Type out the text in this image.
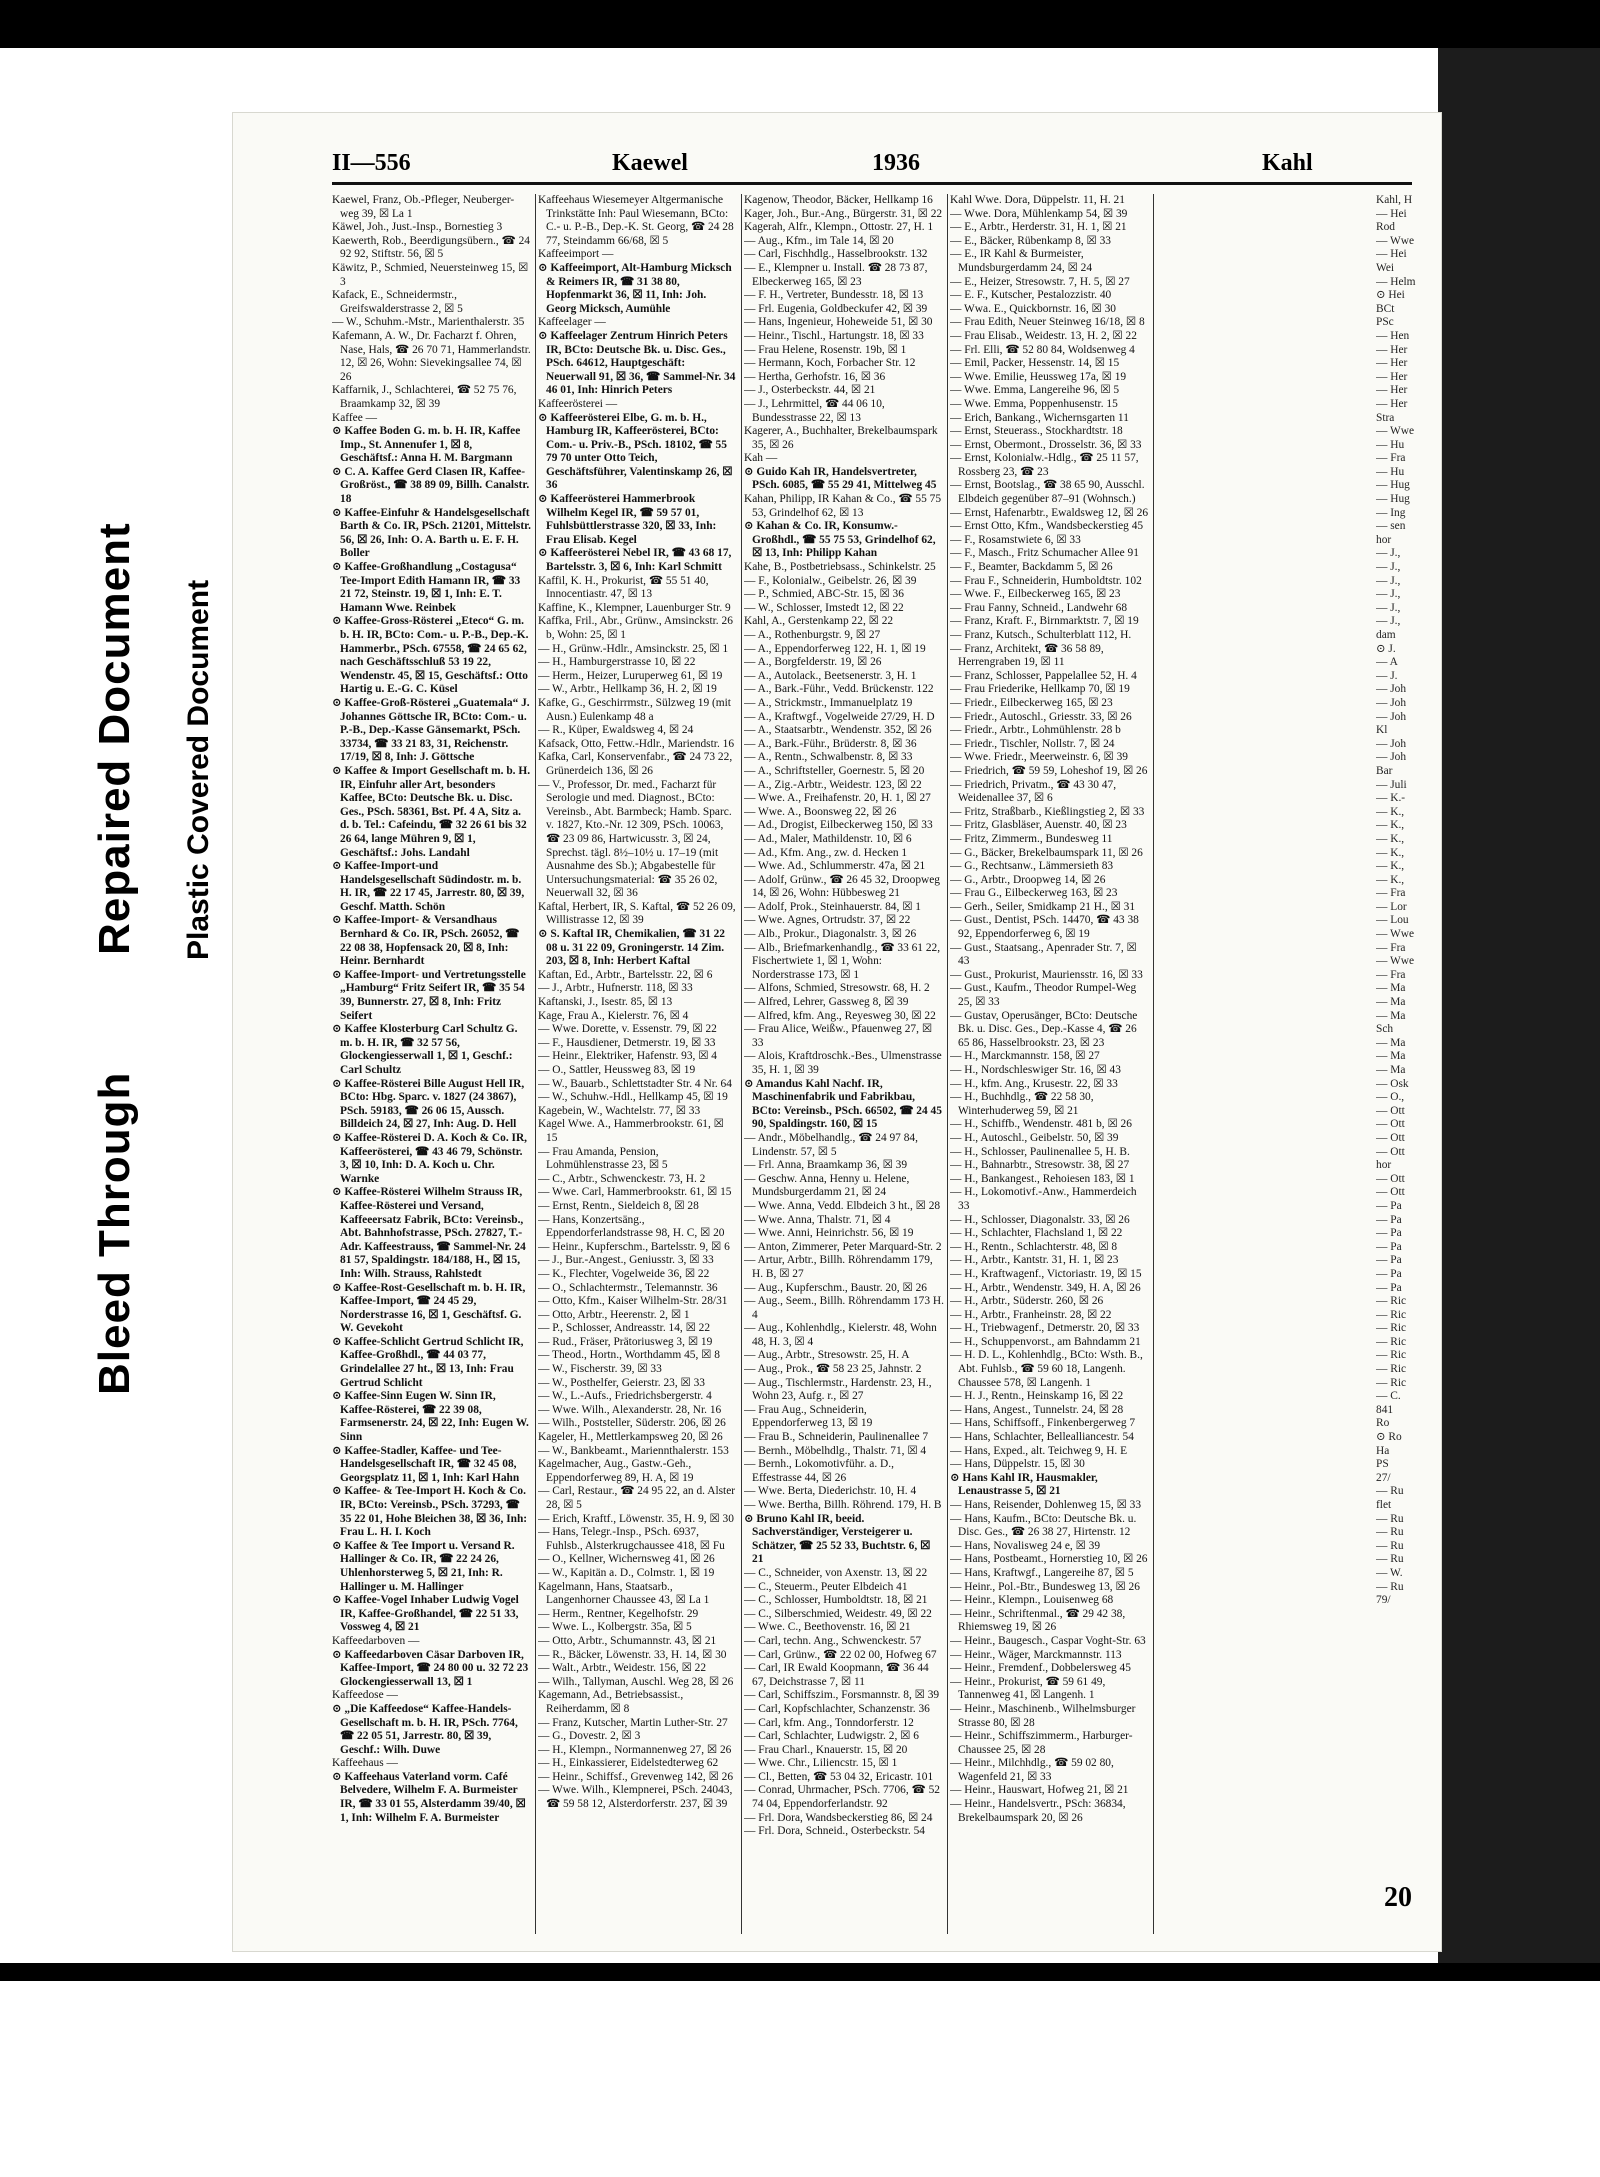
Bleed Through
Repaired Document Plastic Covered Document
II—556	Kaewel	1936	Kahl

Kaewel, Franz, Ob.-Pfleger, Neuberger-weg 39, ☒ La 1

Käwel, Joh., Just.-Insp., Bornestieg 3

Kaewerth, Rob., Beerdigungsübern., ☎ 24 92 92, Stiftstr. 56, ☒ 5

Käwitz, P., Schmied, Neuersteinweg 15, ☒ 3

Kafack, E., Schneidermstr., Greifswalderstrasse 2, ☒ 5

— W., Schuhm.-Mstr., Marienthalerstr. 35

Kafemann, A. W., Dr. Facharzt f. Ohren, Nase, Hals, ☎ 26 70 71, Hammerlandstr. 12, ☒ 26, Wohn: Sievekingsallee 74, ☒ 26

Kaffarnik, J., Schlachterei, ☎ 52 75 76, Braamkamp 32, ☒ 39

Kaffee —

⊙ Kaffee Boden G. m. b. H. IR, Kaffee Imp., St. Annenufer 1, ☒ 8, Geschäftsf.: Anna H. M. Bargmann

⊙ C. A. Kaffee Gerd Clasen IR, Kaffee-Großröst., ☎ 38 89 09, Billh. Canalstr. 18

⊙ Kaffee-Einfuhr & Handelsgesellschaft Barth & Co. IR, PSch. 21201, Mittelstr. 56, ☒ 26, Inh: O. A. Barth u. E. F. H. Boller

⊙ Kaffee-Großhandlung „Costagusa“ Tee-Import Edith Hamann IR, ☎ 33 21 72, Steinstr. 19, ☒ 1, Inh: E. T. Hamann Wwe. Reinbek

⊙ Kaffee-Gross-Rösterei „Eteco“ G. m. b. H. IR, BCto: Com.- u. P.-B., Dep.-K. Hammerbr., PSch. 67558, ☎ 24 65 62, nach Geschäftsschluß 53 19 22, Wendenstr. 45, ☒ 15, Geschäftsf.: Otto Hartig u. E.-G. C. Küsel

⊙ Kaffee-Groß-Rösterei „Guatemala“ J. Johannes Göttsche IR, BCto: Com.- u. P.-B., Dep.-Kasse Gänsemarkt, PSch. 33734, ☎ 33 21 83, 31, Reichenstr. 17/19, ☒ 8, Inh: J. Göttsche

⊙ Kaffee & Import Gesellschaft m. b. H. IR, Einfuhr aller Art, besonders Kaffee, BCto: Deutsche Bk. u. Disc. Ges., PSch. 58361, Bst. Pf. 4 A, Sitz a. d. b. Tel.: Cafeindu, ☎ 32 26 61 bis 32 26 64, lange Mühren 9, ☒ 1, Geschäftsf.: Johs. Landahl

⊙ Kaffee-Import-und Handelsgesellschaft Südindostr. m. b. H. IR, ☎ 22 17 45, Jarrestr. 80, ☒ 39, Geschf. Matth. Schön

⊙ Kaffee-Import- & Versandhaus Bernhard & Co. IR, PSch. 26052, ☎ 22 08 38, Hopfensack 20, ☒ 8, Inh: Heinr. Bernhardt

⊙ Kaffee-Import- und Vertretungsstelle „Hamburg“ Fritz Seifert IR, ☎ 35 54 39, Bunnerstr. 27, ☒ 8, Inh: Fritz Seifert

⊙ Kaffee Klosterburg Carl Schultz G. m. b. H. IR, ☎ 32 57 56, Glockengiesserwall 1, ☒ 1, Geschf.: Carl Schultz

⊙ Kaffee-Rösterei Bille August Hell IR, BCto: Hbg. Sparc. v. 1827 (24 3867), PSch. 59183, ☎ 26 06 15, Aussch. Billdeich 24, ☒ 27, Inh: Aug. D. Hell

⊙ Kaffee-Rösterei D. A. Koch & Co. IR, Kaffeerösterei, ☎ 43 46 79, Schönstr. 3, ☒ 10, Inh: D. A. Koch u. Chr. Warnke

⊙ Kaffee-Rösterei Wilhelm Strauss IR, Kaffee-Rösterei und Versand, Kaffeeersatz Fabrik, BCto: Vereinsb., Abt. Bahnhofstrasse, PSch. 27827, T.-Adr. Kaffeestrauss, ☎ Sammel-Nr. 24 81 57, Spaldingstr. 184/188, H., ☒ 15, Inh: Wilh. Strauss, Rahlstedt

⊙ Kaffee-Rost-Gesellschaft m. b. H. IR, Kaffee-Import, ☎ 24 45 29, Norderstrasse 16, ☒ 1, Geschäftsf. G. W. Gevekoht

⊙ Kaffee-Schlicht Gertrud Schlicht IR, Kaffee-Großhdl., ☎ 44 03 77, Grindelallee 27 ht., ☒ 13, Inh: Frau Gertrud Schlicht

⊙ Kaffee-Sinn Eugen W. Sinn IR, Kaffee-Rösterei, ☎ 22 39 08, Farmsenerstr. 24, ☒ 22, Inh: Eugen W. Sinn

⊙ Kaffee-Stadler, Kaffee- und Tee-Handelsgesellschaft IR, ☎ 32 45 08, Georgsplatz 11, ☒ 1, Inh: Karl Hahn

⊙ Kaffee- & Tee-Import H. Koch & Co. IR, BCto: Vereinsb., PSch. 37293, ☎ 35 22 01, Hohe Bleichen 38, ☒ 36, Inh: Frau L. H. I. Koch

⊙ Kaffee & Tee Import u. Versand R. Hallinger & Co. IR, ☎ 22 24 26, Uhlenhorsterweg 5, ☒ 21, Inh: R. Hallinger u. M. Hallinger

⊙ Kaffee-Vogel Inhaber Ludwig Vogel IR, Kaffee-Großhandel, ☎ 22 51 33, Vossweg 4, ☒ 21

Kaffeedarboven —

⊙ Kaffeedarboven Cäsar Darboven IR, Kaffee-Import, ☎ 24 80 00 u. 32 72 23 Glockengiesserwall 13, ☒ 1

Kaffeedose —

⊙ „Die Kaffeedose“ Kaffee-Handels-Gesellschaft m. b. H. IR, PSch. 7764, ☎ 22 05 51, Jarrestr. 80, ☒ 39, Geschf.: Wilh. Duwe

Kaffeehaus —

⊙ Kaffeehaus Vaterland vorm. Café Belvedere, Wilhelm F. A. Burmeister IR, ☎ 33 01 55, Alsterdamm 39/40, ☒ 1, Inh: Wilhelm F. A. Burmeister

Kaffeehaus Wiesemeyer Altgermanische Trinkstätte Inh: Paul Wiesemann, BCto: C.- u. P.-B., Dep.-K. St. Georg, ☎ 24 28 77, Steindamm 66/68, ☒ 5

Kaffeeimport —

⊙ Kaffeeimport, Alt-Hamburg Micksch & Reimers IR, ☎ 31 38 80, Hopfenmarkt 36, ☒ 11, Inh: Joh. Georg Micksch, Aumühle

Kaffeelager —

⊙ Kaffeelager Zentrum Hinrich Peters IR, BCto: Deutsche Bk. u. Disc. Ges., PSch. 64612, Hauptgeschäft: Neuerwall 91, ☒ 36, ☎ Sammel-Nr. 34 46 01, Inh: Hinrich Peters

Kaffeerösterei —

⊙ Kaffeerösterei Elbe, G. m. b. H., Hamburg IR, Kaffeerösterei, BCto: Com.- u. Priv.-B., PSch. 18102, ☎ 55 79 70 unter Otto Teich, Geschäftsführer, Valentinskamp 26, ☒ 36

⊙ Kaffeerösterei Hammerbrook Wilhelm Kegel IR, ☎ 59 57 01, Fuhlsbüttlerstrasse 320, ☒ 33, Inh: Frau Elisab. Kegel

⊙ Kaffeerösterei Nebel IR, ☎ 43 68 17, Bartelsstr. 3, ☒ 6, Inh: Karl Schmitt

Kaffil, K. H., Prokurist, ☎ 55 51 40, Innocentiastr. 47, ☒ 13

Kaffine, K., Klempner, Lauenburger Str. 9

Kaffka, Fril., Abr., Grünw., Amsinckstr. 26 b, Wohn: 25, ☒ 1

— H., Grünw.-Hdlr., Amsinckstr. 25, ☒ 1

— H., Hamburgerstrasse 10, ☒ 22

— Herm., Heizer, Luruperweg 61, ☒ 19

— W., Arbtr., Hellkamp 36, H. 2, ☒ 19

Kafke, G., Geschirrmstr., Sülzweg 19 (mit Ausn.) Eulenkamp 48 a

— R., Küper, Ewaldsweg 4, ☒ 24

Kafsack, Otto, Fettw.-Hdlr., Mariendstr. 16

Kafka, Carl, Konservenfabr., ☎ 24 73 22, Grünerdeich 136, ☒ 26

— V., Professor, Dr. med., Facharzt für Serologie und med. Diagnost., BCto: Vereinsb., Abt. Barmbeck; Hamb. Sparc. v. 1827, Kto.-Nr. 12 309, PSch. 10063, ☎ 23 09 86, Hartwicusstr. 3, ☒ 24, Sprechst. tägl. 8½–10½ u. 17–19 (mit Ausnahme des Sb.); Abgabestelle für Untersuchungsmaterial: ☎ 35 26 02, Neuerwall 32, ☒ 36

Kaftal, Herbert, IR, S. Kaftal, ☎ 52 26 09, Willistrasse 12, ☒ 39

⊙ S. Kaftal IR, Chemikalien, ☎ 31 22 08 u. 31 22 09, Groningerstr. 14 Zim. 203, ☒ 8, Inh: Herbert Kaftal

Kaftan, Ed., Arbtr., Bartelsstr. 22, ☒ 6

— J., Arbtr., Hufnerstr. 118, ☒ 33

Kaftanski, J., Isestr. 85, ☒ 13

Kage, Frau A., Kielerstr. 76, ☒ 4

— Wwe. Dorette, v. Essenstr. 79, ☒ 22

— F., Hausdiener, Detmerstr. 19, ☒ 33

— Heinr., Elektriker, Hafenstr. 93, ☒ 4

— O., Sattler, Heussweg 83, ☒ 19

— W., Bauarb., Schlettstadter Str. 4 Nr. 64

— W., Schuhw.-Hdl., Hellkamp 45, ☒ 19

Kagebein, W., Wachtelstr. 77, ☒ 33

Kagel Wwe. A., Hammerbrookstr. 61, ☒ 15

— Frau Amanda, Pension, Lohmühlenstrasse 23, ☒ 5

— C., Arbtr., Schwenckestr. 73, H. 2

— Wwe. Carl, Hammerbrookstr. 61, ☒ 15

— Ernst, Rentn., Sieldeich 8, ☒ 28

— Hans, Konzertsäng., Eppendorferlandstrasse 98, H. C, ☒ 20

— Heinr., Kupferschm., Bartelsstr. 9, ☒ 6

— J., Bur.-Angest., Geniusstr. 3, ☒ 33

— K., Flechter, Vogelweide 36, ☒ 22

— O., Schlachtermstr., Telemannstr. 36

— Otto, Kfm., Kaiser Wilhelm-Str. 28/31

— Otto, Arbtr., Heerenstr. 2, ☒ 1

— P., Schlosser, Andreasstr. 14, ☒ 22

— Rud., Fräser, Prätoriusweg 3, ☒ 19

— Theod., Hortn., Worthdamm 45, ☒ 8

— W., Fischerstr. 39, ☒ 33

— W., Posthelfer, Geierstr. 23, ☒ 33

— W., L.-Aufs., Friedrichsbergerstr. 4

— Wwe. Wilh., Alexanderstr. 28, Nr. 16

— Wilh., Poststeller, Süderstr. 206, ☒ 26

Kageler, H., Mettlerkampsweg 20, ☒ 26

— W., Bankbeamt., Mariennthalerstr. 153

Kagelmacher, Aug., Gastw.-Geh., Eppendorferweg 89, H. A, ☒ 19

— Carl, Restaur., ☎ 24 95 22, an d. Alster 28, ☒ 5

— Erich, Kraftf., Löwenstr. 35, H. 9, ☒ 30

— Hans, Telegr.-Insp., PSch. 6937, Fuhlsb., Alsterkrugchaussee 418, ☒ Fu

— O., Kellner, Wichernsweg 41, ☒ 26

— W., Kapitän a. D., Colmstr. 1, ☒ 19

Kagelmann, Hans, Staatsarb., Langenhorner Chaussee 43, ☒ La 1

— Herm., Rentner, Kegelhofstr. 29

— Wwe. L., Kolbergstr. 35a, ☒ 5

— Otto, Arbtr., Schumannstr. 43, ☒ 21

— R., Bäcker, Löwenstr. 33, H. 14, ☒ 30

— Walt., Arbtr., Weidestr. 156, ☒ 22

— Wilh., Tallyman, Auschl. Weg 28, ☒ 26

Kagemann, Ad., Betriebsassist., Reiherdamm, ☒ 8

— Franz, Kutscher, Martin Luther-Str. 27

— G., Dovestr. 2, ☒ 3

— H., Klempn., Normannenweg 27, ☒ 26

— H., Einkassierer, Eidelstedterweg 62

— Heinr., Schiffsf., Grevenweg 142, ☒ 26

— Wwe. Wilh., Klempnerei, PSch. 24043, ☎ 59 58 12, Alsterdorferstr. 237, ☒ 39

Kagenow, Theodor, Bäcker, Hellkamp 16

Kager, Joh., Bur.-Ang., Bürgerstr. 31, ☒ 22

Kagerah, Alfr., Klempn., Ottostr. 27, H. 1

— Aug., Kfm., im Tale 14, ☒ 20

— Carl, Fischhdlg., Hasselbrookstr. 132

— E., Klempner u. Install. ☎ 28 73 87, Elbeckerweg 165, ☒ 23

— F. H., Vertreter, Bundesstr. 18, ☒ 13

— Frl. Eugenia, Goldbeckufer 42, ☒ 39

— Hans, Ingenieur, Hoheweide 51, ☒ 30

— Heinr., Tischl., Hartungstr. 18, ☒ 33

— Frau Helene, Rosenstr. 19b, ☒ 1

— Hermann, Koch, Forbacher Str. 12

— Hertha, Gerhofstr. 16, ☒ 36

— J., Osterbeckstr. 44, ☒ 21

— J., Lehrmittel, ☎ 44 06 10, Bundesstrasse 22, ☒ 13

Kagerer, A., Buchhalter, Brekelbaumspark 35, ☒ 26

Kah —

⊙ Guido Kah IR, Handelsvertreter, PSch. 6085, ☎ 55 29 41, Mittelweg 45

Kahan, Philipp, IR Kahan & Co., ☎ 55 75 53, Grindelhof 62, ☒ 13

⊙ Kahan & Co. IR, Konsumw.-Großhdl., ☎ 55 75 53, Grindelhof 62, ☒ 13, Inh: Philipp Kahan

Kahe, B., Postbetriebsass., Schinkelstr. 25

— F., Kolonialw., Geibelstr. 26, ☒ 39

— P., Schmied, ABC-Str. 15, ☒ 36

— W., Schlosser, Imstedt 12, ☒ 22

Kahl, A., Gerstenkamp 22, ☒ 22

— A., Rothenburgstr. 9, ☒ 27

— A., Eppendorferweg 122, H. 1, ☒ 19

— A., Borgfelderstr. 19, ☒ 26

— A., Autolack., Beetsenerstr. 3, H. 1

— A., Bark.-Führ., Vedd. Brückenstr. 122

— A., Strickmstr., Immanuelplatz 19

— A., Kraftwgf., Vogelweide 27/29, H. D

— A., Staatsarbtr., Wendenstr. 352, ☒ 26

— A., Bark.-Führ., Brüderstr. 8, ☒ 36

— A., Rentn., Schwalbenstr. 8, ☒ 33

— A., Schriftsteller, Goernestr. 5, ☒ 20

— A., Zig.-Arbtr., Weidestr. 123, ☒ 22

— Wwe. A., Freihafenstr. 20, H. 1, ☒ 27

— Wwe. A., Boonsweg 22, ☒ 26

— Ad., Drogist, Eilbeckerweg 150, ☒ 33

— Ad., Maler, Mathildenstr. 10, ☒ 6

— Ad., Kfm. Ang., zw. d. Hecken 1

— Wwe. Ad., Schlummerstr. 47a, ☒ 21

— Adolf, Grünw., ☎ 26 45 32, Droopweg 14, ☒ 26, Wohn: Hübbesweg 21

— Adolf, Prok., Steinhauerstr. 84, ☒ 1

— Wwe. Agnes, Ortrudstr. 37, ☒ 22

— Alb., Prokur., Diagonalstr. 3, ☒ 26

— Alb., Briefmarkenhandlg., ☎ 33 61 22, Fischertwiete 1, ☒ 1, Wohn: Norderstrasse 173, ☒ 1

— Alfons, Schmied, Stresowstr. 68, H. 2

— Alfred, Lehrer, Gassweg 8, ☒ 39

— Alfred, kfm. Ang., Reyesweg 30, ☒ 22

— Frau Alice, Weißw., Pfauenweg 27, ☒ 33

— Alois, Kraftdroschk.-Bes., Ulmenstrasse 35, H. 1, ☒ 39

⊙ Amandus Kahl Nachf. IR, Maschinenfabrik und Fabrikbau, BCto: Vereinsb., PSch. 66502, ☎ 24 45 90, Spaldingstr. 160, ☒ 15

— Andr., Möbelhandlg., ☎ 24 97 84, Lindenstr. 57, ☒ 5

— Frl. Anna, Braamkamp 36, ☒ 39

— Geschw. Anna, Henny u. Helene, Mundsburgerdamm 21, ☒ 24

— Wwe. Anna, Vedd. Elbdeich 3 ht., ☒ 28

— Wwe. Anna, Thalstr. 71, ☒ 4

— Wwe. Anni, Heinrichstr. 56, ☒ 19

— Anton, Zimmerer, Peter Marquard-Str. 2

— Artur, Arbtr., Billh. Röhrendamm 179, H. B, ☒ 27

— Aug., Kupferschm., Baustr. 20, ☒ 26

— Aug., Seem., Billh. Röhrendamm 173 H. 4

— Aug., Kohlenhdlg., Kielerstr. 48, Wohn 48, H. 3, ☒ 4

— Aug., Arbtr., Stresowstr. 25, H. A

— Aug., Prok., ☎ 58 23 25, Jahnstr. 2

— Aug., Tischlermstr., Hardenstr. 23, H., Wohn 23, Aufg. r., ☒ 27

— Frau Aug., Schneiderin, Eppendorferweg 13, ☒ 19

— Frau B., Schneiderin, Paulinenallee 7

— Bernh., Möbelhdlg., Thalstr. 71, ☒ 4

— Bernh., Lokomotivführ. a. D., Effestrasse 44, ☒ 26

— Wwe. Berta, Diederichstr. 10, H. 4

— Wwe. Bertha, Billh. Röhrend. 179, H. B

⊙ Bruno Kahl IR, beeid. Sachverständiger, Versteigerer u. Schätzer, ☎ 25 52 33, Buchtstr. 6, ☒ 21

— C., Schneider, von Axenstr. 13, ☒ 22

— C., Steuerm., Peuter Elbdeich 41

— C., Schlosser, Humboldtstr. 18, ☒ 21

— C., Silberschmied, Weidestr. 49, ☒ 22

— Wwe. C., Beethovenstr. 16, ☒ 21

— Carl, techn. Ang., Schwenckestr. 57

— Carl, Grünw., ☎ 22 02 00, Hofweg 67

— Carl, IR Ewald Koopmann, ☎ 36 44 67, Deichstrasse 7, ☒ 11

— Carl, Schiffszim., Forsmannstr. 8, ☒ 39

— Carl, Kopfschlachter, Schanzenstr. 36

— Carl, kfm. Ang., Tonndorferstr. 12

— Carl, Schlachter, Ludwigstr. 2, ☒ 6

— Frau Charl., Knauerstr. 15, ☒ 20

— Wwe. Chr., Liliencstr. 15, ☒ 1

— Cl., Betten, ☎ 53 04 32, Ericastr. 101

— Conrad, Uhrmacher, PSch. 7706, ☎ 52 74 04, Eppendorferlandstr. 92

— Frl. Dora, Wandsbeckerstieg 86, ☒ 24

— Frl. Dora, Schneid., Osterbeckstr. 54

Kahl Wwe. Dora, Düppelstr. 11, H. 21

— Wwe. Dora, Mühlenkamp 54, ☒ 39

— E., Arbtr., Herderstr. 31, H. 1, ☒ 21

— E., Bäcker, Rübenkamp 8, ☒ 33

— E., IR Kahl & Burmeister, Mundsburgerdamm 24, ☒ 24

— E., Heizer, Stresowstr. 7, H. 5, ☒ 27

— E. F., Kutscher, Pestalozzistr. 40

— Wwa. E., Quickbornstr. 16, ☒ 30

— Frau Edith, Neuer Steinweg 16/18, ☒ 8

— Frau Elisab., Weidestr. 13, H. 2, ☒ 22

— Frl. Elli, ☎ 52 80 84, Woldsenweg 4

— Emil, Packer, Hessenstr. 14, ☒ 15

— Wwe. Emilie, Heussweg 17a, ☒ 19

— Wwe. Emma, Langereihe 96, ☒ 5

— Wwe. Emma, Poppenhusenstr. 15

— Erich, Bankang., Wichernsgarten 11

— Ernst, Steuerass., Stockhardtstr. 18

— Ernst, Obermont., Drosselstr. 36, ☒ 33

— Ernst, Kolonialw.-Hdlg., ☎ 25 11 57, Rossberg 23, ☎ 23

— Ernst, Bootslag., ☎ 38 65 90, Ausschl. Elbdeich gegenüber 87–91 (Wohnsch.)

— Ernst, Hafenarbtr., Ewaldsweg 12, ☒ 26

— Ernst Otto, Kfm., Wandsbeckerstieg 45

— F., Rosamstwiete 6, ☒ 33

— F., Masch., Fritz Schumacher Allee 91

— F., Beamter, Backdamm 5, ☒ 26

— Frau F., Schneiderin, Humboldtstr. 102

— Wwe. F., Eilbeckerweg 165, ☒ 23

— Frau Fanny, Schneid., Landwehr 68

— Franz, Kraft. F., Birnmarktstr. 7, ☒ 19

— Franz, Kutsch., Schulterblatt 112, H.

— Franz, Architekt, ☎ 36 58 89, Herrengraben 19, ☒ 11

— Franz, Schlosser, Pappelallee 52, H. 4

— Frau Friederike, Hellkamp 70, ☒ 19

— Friedr., Eilbeckerweg 165, ☒ 23

— Friedr., Autoschl., Griesstr. 33, ☒ 26

— Friedr., Arbtr., Lohmühlenstr. 28 b

— Friedr., Tischler, Nollstr. 7, ☒ 24

— Wwe. Friedr., Meerweinstr. 6, ☒ 39

— Friedrich, ☎ 59 59, Loheshof 19, ☒ 26

— Friedrich, Privatm., ☎ 43 30 47, Weidenallee 37, ☒ 6

— Fritz, Straßbarb., Kießlingstieg 2, ☒ 33

— Fritz, Glasbläser, Auenstr. 40, ☒ 23

— Fritz, Zimmerm., Bundesweg 11

— G., Bäcker, Brekelbaumspark 11, ☒ 26

— G., Rechtsanw., Lämmersieth 83

— G., Arbtr., Droopweg 14, ☒ 26

— Frau G., Eilbeckerweg 163, ☒ 23

— Gerh., Seiler, Smidkamp 21 H., ☒ 31

— Gust., Dentist, PSch. 14470, ☎ 43 38 92, Eppendorferweg 6, ☒ 19

— Gust., Staatsang., Apenrader Str. 7, ☒ 43

— Gust., Prokurist, Mauriensstr. 16, ☒ 33

— Gust., Kaufm., Theodor Rumpel-Weg 25, ☒ 33

— Gustav, Operusänger, BCto: Deutsche Bk. u. Disc. Ges., Dep.-Kasse 4, ☎ 26 65 86, Hasselbrookstr. 23, ☒ 23

— H., Marckmannstr. 158, ☒ 27

— H., Nordschleswiger Str. 16, ☒ 43

— H., kfm. Ang., Krusestr. 22, ☒ 33

— H., Buchhdlg., ☎ 22 58 30, Winterhuderweg 59, ☒ 21

— H., Schiffb., Wendenstr. 481 b, ☒ 26

— H., Autoschl., Geibelstr. 50, ☒ 39

— H., Schlosser, Paulinenallee 5, H. B.

— H., Bahnarbtr., Stresowstr. 38, ☒ 27

— H., Bankangest., Rehoiesen 183, ☒ 1

— H., Lokomotivf.-Anw., Hammerdeich 33

— H., Schlosser, Diagonalstr. 33, ☒ 26

— H., Schlachter, Flachsland 1, ☒ 22

— H., Rentn., Schlachterstr. 48, ☒ 8

— H., Arbtr., Kantstr. 31, H. 1, ☒ 23

— H., Kraftwagenf., Victoriastr. 19, ☒ 15

— H., Arbtr., Wendenstr. 349, H. A, ☒ 26

— H., Arbtr., Süderstr. 260, ☒ 26

— H., Arbtr., Franheinstr. 28, ☒ 22

— H., Triebwagenf., Detmerstr. 20, ☒ 33

— H., Schuppenvorst., am Bahndamm 21

— H. D. L., Kohlenhdlg., BCto: Wsth. B., Abt. Fuhlsb., ☎ 59 60 18, Langenh. Chaussee 578, ☒ Langenh. 1

— H. J., Rentn., Heinskamp 16, ☒ 22

— Hans, Angest., Tunnelstr. 24, ☒ 28

— Hans, Schiffsoff., Finkenbergerweg 7

— Hans, Schlachter, Bellealliancestr. 54

— Hans, Exped., alt. Teichweg 9, H. E

— Hans, Düppelstr. 15, ☒ 30

⊙ Hans Kahl IR, Hausmakler, Lenaustrasse 5, ☒ 21

— Hans, Reisender, Dohlenweg 15, ☒ 33

— Hans, Kaufm., BCto: Deutsche Bk. u. Disc. Ges., ☎ 26 38 27, Hirtenstr. 12

— Hans, Novalisweg 24 e, ☒ 39

— Hans, Postbeamt., Hornerstieg 10, ☒ 26

— Hans, Kraftwgf., Langereihe 87, ☒ 5

— Heinr., Pol.-Btr., Bundesweg 13, ☒ 26

— Heinr., Klempn., Louisenweg 68

— Heinr., Schriftenmal., ☎ 29 42 38, Rhiemsweg 19, ☒ 26

— Heinr., Baugesch., Caspar Voght-Str. 63

— Heinr., Wäger, Marckmannstr. 113

— Heinr., Fremdenf., Dobbelersweg 45

— Heinr., Prokurist, ☎ 59 61 49, Tannenweg 41, ☒ Langenh. 1

— Heinr., Maschinenb., Wilhelmsburger Strasse 80, ☒ 28

— Heinr., Schiffszimmerm., Harburger-Chaussee 25, ☒ 28

— Heinr., Milchhdlg., ☎ 59 02 80, Wagenfeld 21, ☒ 33

— Heinr., Hauswart, Hofweg 21, ☒ 21

— Heinr., Handelsvertr., PSch: 36834, Brekelbaumspark 20, ☒ 26

Kahl, H
— Hei
Rod
— Wwe
— Hei
Wei
— Helm
⊙ Hei
BCt
PSc
— Hen
— Her
— Her
— Her
— Her
— Her
Stra
— Wwe
— Hu
— Fra
— Hu
— Hug
— Hug
— Ing
— sen
hor
— J.,
— J.,
— J.,
— J.,
— J.,
— J.,
dam
⊙ J.
— A
— J.
— Joh
— Joh
— Joh
Kl
— Joh
— Joh
Bar
— Juli
— K.-
— K.,
— K.,
— K.,
— K.,
— K.,
— K.,
— Fra
— Lor
— Lou
— Wwe
— Fra
— Wwe
— Fra
— Ma
— Ma
— Ma
Sch
— Ma
— Ma
— Ma
— Osk
— O.,
— Ott
— Ott
— Ott
— Ott
hor
— Ott
— Ott
— Pa
— Pa
— Pa
— Pa
— Pa
— Pa
— Pa
— Ric
— Ric
— Ric
— Ric
— Ric
— Ric
— Ric
— C.
841
Ro
⊙ Ro
Ha
PS
27/
— Ru
flet
— Ru
— Ru
— Ru
— Ru
— W.
— Ru
79/
20
